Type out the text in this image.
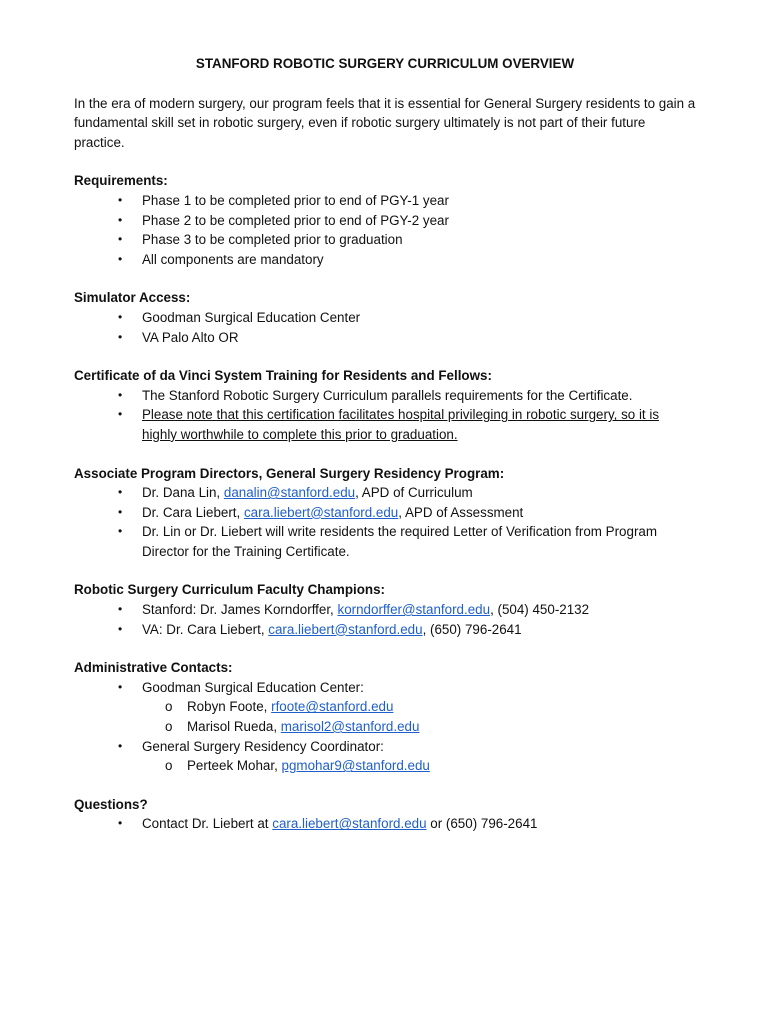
STANFORD ROBOTIC SURGERY CURRICULUM OVERVIEW

In the era of modern surgery, our program feels that it is essential for General Surgery residents to gain a fundamental skill set in robotic surgery, even if robotic surgery ultimately is not part of their future practice.

Requirements:

• Phase 1 to be completed prior to end of PGY-1 year
• Phase 2 to be completed prior to end of PGY-2 year
• Phase 3 to be completed prior to graduation
• All components are mandatory

Simulator Access:

• Goodman Surgical Education Center
• VA Palo Alto OR

Certificate of da Vinci System Training for Residents and Fellows:

• The Stanford Robotic Surgery Curriculum parallels requirements for the Certificate.
• Please note that this certification facilitates hospital privileging in robotic surgery, so it is highly worthwhile to complete this prior to graduation.

Associate Program Directors, General Surgery Residency Program:

• Dr. Dana Lin, danalin@stanford.edu, APD of Curriculum
• Dr. Cara Liebert, cara.liebert@stanford.edu, APD of Assessment
• Dr. Lin or Dr. Liebert will write residents the required Letter of Verification from Program Director for the Training Certificate.

Robotic Surgery Curriculum Faculty Champions:

• Stanford: Dr. James Korndorffer, korndorffer@stanford.edu, (504) 450-2132
• VA: Dr. Cara Liebert, cara.liebert@stanford.edu, (650) 796-2641

Administrative Contacts:

• Goodman Surgical Education Center:
o Robyn Foote, rfoote@stanford.edu
o Marisol Rueda, marisol2@stanford.edu
• General Surgery Residency Coordinator:
o Perteek Mohar, pgmohar9@stanford.edu

Questions?

• Contact Dr. Liebert at cara.liebert@stanford.edu or (650) 796-2641
